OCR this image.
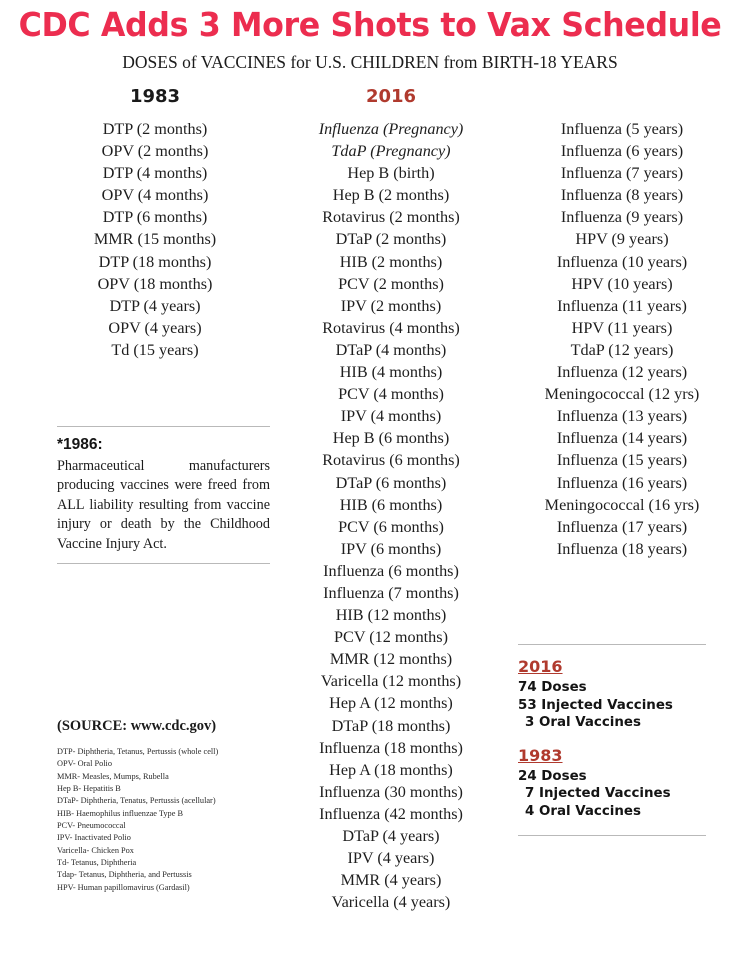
CDC Adds 3 More Shots to Vax Schedule
DOSES of VACCINES for U.S. CHILDREN from BIRTH-18 YEARS
1983
DTP (2 months)
OPV (2 months)
DTP (4 months)
OPV (4 months)
DTP (6 months)
MMR (15 months)
DTP (18 months)
OPV (18 months)
DTP (4 years)
OPV (4 years)
Td (15 years)
2016
Influenza (Pregnancy)
TdaP (Pregnancy)
Hep B (birth)
Hep B (2 months)
Rotavirus (2 months)
DTaP (2 months)
HIB (2 months)
PCV (2 months)
IPV (2 months)
Rotavirus (4 months)
DTaP (4 months)
HIB (4 months)
PCV (4 months)
IPV (4 months)
Hep B (6 months)
Rotavirus (6 months)
DTaP (6 months)
HIB (6 months)
PCV (6 months)
IPV (6 months)
Influenza (6 months)
Influenza (7 months)
HIB (12 months)
PCV (12 months)
MMR (12 months)
Varicella (12 months)
Hep A (12 months)
DTaP (18 months)
Influenza (18 months)
Hep A (18 months)
Influenza (30 months)
Influenza (42 months)
DTaP (4 years)
IPV (4 years)
MMR (4 years)
Varicella (4 years)
Influenza (5 years)
Influenza (6 years)
Influenza (7 years)
Influenza (8 years)
Influenza (9 years)
HPV (9 years)
Influenza (10 years)
HPV (10 years)
Influenza (11 years)
HPV (11 years)
TdaP (12 years)
Influenza (12 years)
Meningococcal (12 yrs)
Influenza (13 years)
Influenza (14 years)
Influenza (15 years)
Influenza (16 years)
Meningococcal (16 yrs)
Influenza (17 years)
Influenza (18 years)
*1986:
Pharmaceutical manufacturers producing vaccines were freed from ALL liability resulting from vaccine injury or death by the Childhood Vaccine Injury Act.
(SOURCE: www.cdc.gov)
DTP- Diphtheria, Tetanus, Pertussis (whole cell)
OPV- Oral Polio
MMR- Measles, Mumps, Rubella
Hep B- Hepatitis B
DTaP- Diphtheria, Tenatus, Pertussis (acellular)
HIB- Haemophilus influenzae Type B
PCV- Pneumococcal
IPV- Inactivated Polio
Varicella- Chicken Pox
Td- Tetanus, Diphtheria
Tdap- Tetanus, Diphtheria, and Pertussis
HPV- Human papillomavirus (Gardasil)
2016
74 Doses
53 Injected Vaccines
3 Oral Vaccines
1983
24 Doses
7 Injected Vaccines
4 Oral Vaccines
